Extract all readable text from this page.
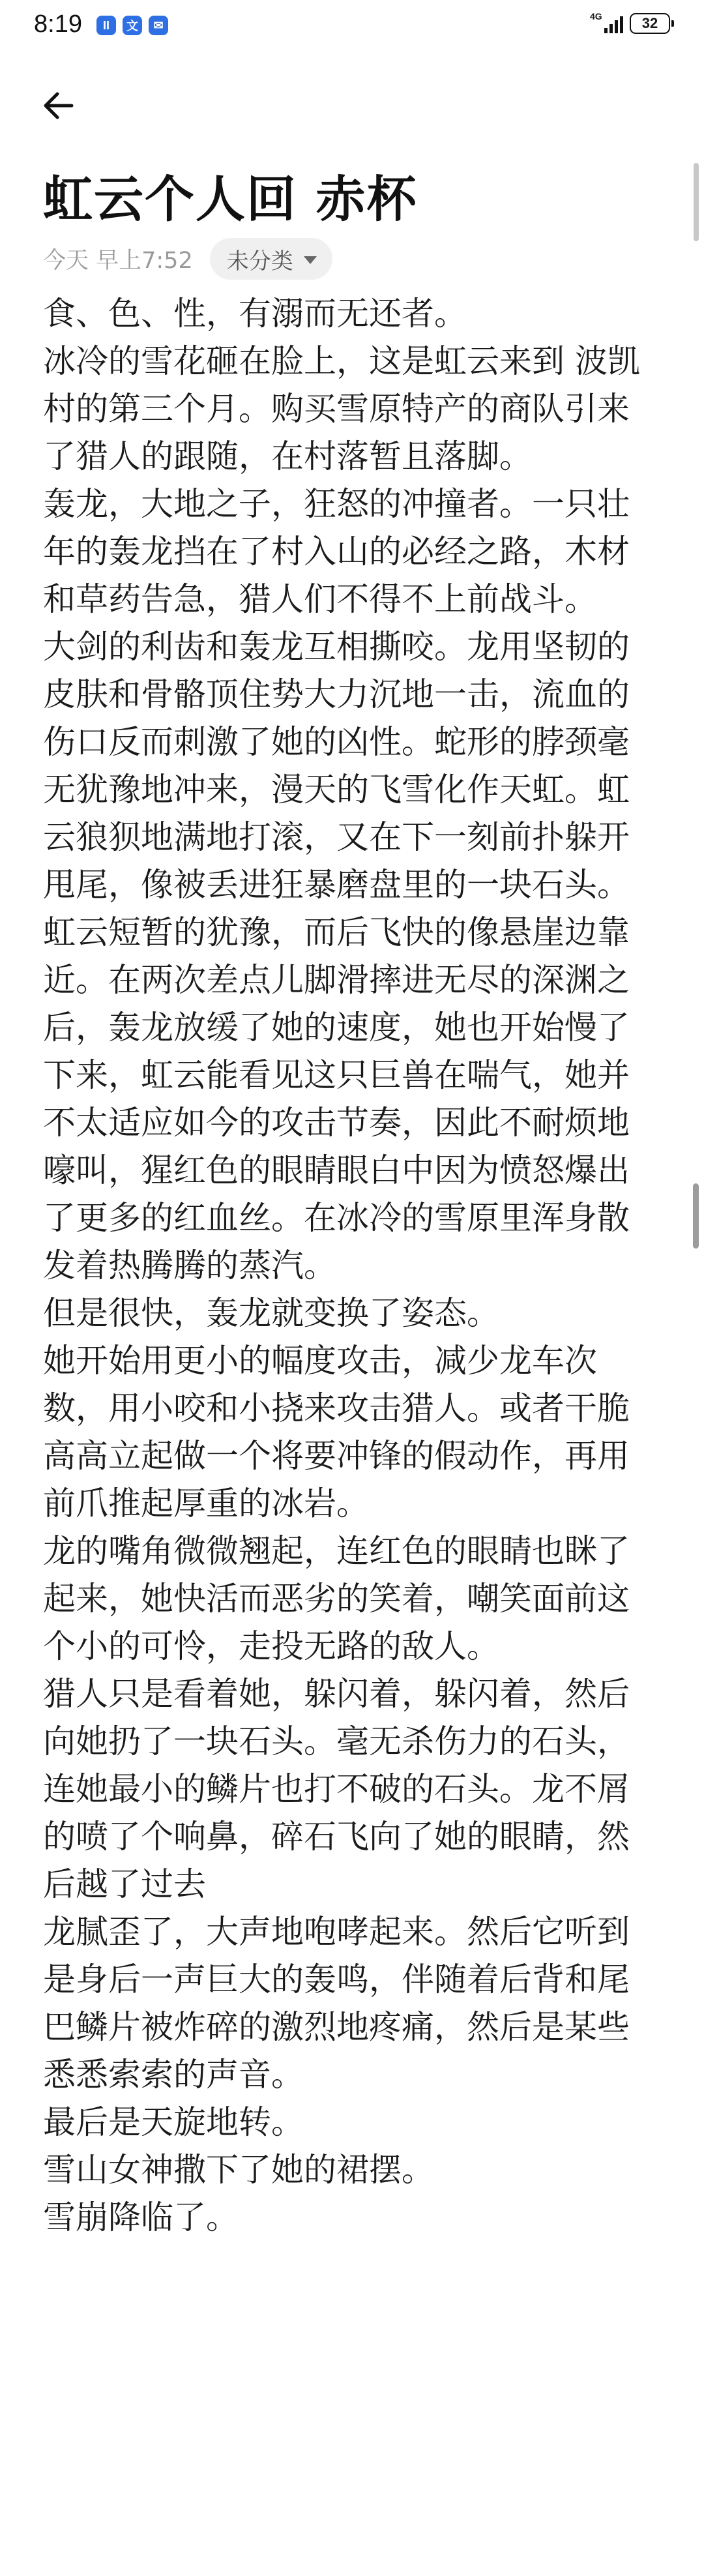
8:19	II	文	✉
4G	32
虹云个人回 赤杯
今天 早上7:52 未分类
食、色、性，有溺而无还者。
冰冷的雪花砸在脸上，这是虹云来到 波凯
村的第三个月。购买雪原特产的商队引来
了猎人的跟随，在村落暂且落脚。
轰龙，大地之子，狂怒的冲撞者。一只壮
年的轰龙挡在了村入山的必经之路，木材
和草药告急，猎人们不得不上前战斗。
大剑的利齿和轰龙互相撕咬。龙用坚韧的
皮肤和骨骼顶住势大力沉地一击，流血的
伤口反而刺激了她的凶性。蛇形的脖颈毫
无犹豫地冲来，漫天的飞雪化作天虹。虹
云狼狈地满地打滚，又在下一刻前扑躲开
甩尾，像被丢进狂暴磨盘里的一块石头。
虹云短暂的犹豫，而后飞快的像悬崖边靠
近。在两次差点儿脚滑摔进无尽的深渊之
后，轰龙放缓了她的速度，她也开始慢了
下来，虹云能看见这只巨兽在喘气，她并
不太适应如今的攻击节奏，因此不耐烦地
嚎叫，猩红色的眼睛眼白中因为愤怒爆出
了更多的红血丝。在冰冷的雪原里浑身散
发着热腾腾的蒸汽。
但是很快，轰龙就变换了姿态。
她开始用更小的幅度攻击，减少龙车次
数，用小咬和小挠来攻击猎人。或者干脆
高高立起做一个将要冲锋的假动作，再用
前爪推起厚重的冰岩。
龙的嘴角微微翘起，连红色的眼睛也眯了
起来，她快活而恶劣的笑着，嘲笑面前这
个小的可怜，走投无路的敌人。
猎人只是看着她，躲闪着，躲闪着，然后
向她扔了一块石头。毫无杀伤力的石头，
连她最小的鳞片也打不破的石头。龙不屑
的喷了个响鼻，碎石飞向了她的眼睛，然
后越了过去
龙腻歪了，大声地咆哮起来。然后它听到
是身后一声巨大的轰鸣，伴随着后背和尾
巴鳞片被炸碎的激烈地疼痛，然后是某些
悉悉索索的声音。
最后是天旋地转。
雪山女神撒下了她的裙摆。
雪崩降临了。
